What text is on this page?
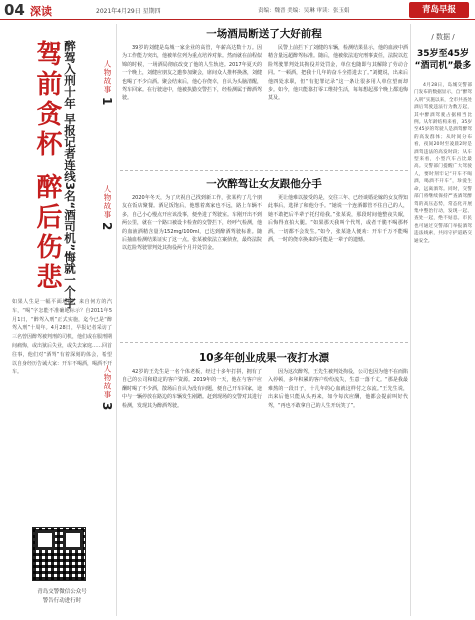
04 深读	2021年4月29日 星期四	责编：魏晋 美编：吴琳 审读：张玉娟	青岛早报
驾前贪杯 醉后伤悲 醉驾入刑十年 早报记者连线3名“酒司机”悔就一个字	人物故事 1
人物故事 2
人物故事 3
如果人生是一幅平面地图，来自何方的汽车，“喝”字怎能不准确地标示？自2011年5月1日，“醉驾入刑”正式实施，迄今已是“醉驾入刑”十周年。4月28日，早报记者采访了三名曾因醉驾被判刑的司机，他们或在服刑期间痛悔，或出狱后失业，或失去家庭……回首往事，他们对“酒驾”有着深刻的体会，希望以自身经历告诫大家：开车不喝酒，喝酒不开车。
青岛交警微信公众号
警告行动进行时
一场酒局断送了大好前程
39岁的刘健是岛城一家企业的高管，年薪高达数十万。因为工作能力突出，他被单位列为重点培养对象。然而就在前程似锦的时候，一场酒局彻底改变了他的人生轨迹。2017年夏天的一个晚上，刘健应朋友之邀参加聚会，席间众人推杯换盏，刘健也喝了不少白酒。聚会结束后，他心存侥幸，自认为头脑清醒，驾车回家。在行驶途中，他被执勤交警拦下，经检测属于醉酒驾驶。
民警上前拦下了刘健的车辆，检测结果显示，他的血液中酒精含量远超醉驾标准。随后，他被依法追究刑事责任，法院以危险驾驶罪判处其拘役并处罚金，单位也随即与其解除了劳动合同。“一顿酒，把我十几年的奋斗全搭进去了。”刘健说，出来后他四处求职，但“有犯罪记录”这一条让很多用人单位望而却步。如今，他只能靠打零工维持生活，每每想起那个晚上都追悔莫及。
一次醉驾让女友跟他分手
2020年冬天，为了庆祝自己找到新工作，张某约了几个朋友在饭店聚餐。酒足饭饱后，他想着离家也不远，路上车辆不多，自己小心慢点开应该没事，便坐进了驾驶室。车刚开出不到两公里，就在一个路口被设卡检查的交警拦下，经呼气检测，他的血液酒精含量为152mg/100ml，已达到醉酒驾驶标准。随后抽血检测结果证实了这一点。张某被依法立案侦查，最终法院以危险驾驶罪判处其拘役两个月并处罚金。
更让他难以接受的是，交往三年、已经谈婚论嫁的女友得知此事后，选择了和他分手。“她说一个连酒都管不住自己的人，她不敢把后半辈子托付给我。”张某说，那段时间他整夜失眠，后悔得直拍大腿。“如果那天我叫个代驾，或者干脆不喝那杯酒，一切都不会发生。”如今，张某逢人便劝：开车千万不能喝酒，一时的侥幸换来的可能是一辈子的遗憾。
10多年创业成果一夜打水漂
42岁的王先生是一名个体老板，经过十多年打拼，拥有了自己的公司和稳定的客户资源。2019年的一天，他在与客户应酬时喝了不少酒，散场后自认为没有问题，便自己开车回家，途中与一辆停放在路边的车辆发生剐蹭。赶到现场的交警对其进行检测，发现其为醉酒驾驶。
因为这次醉驾，王先生被判处拘役，公司也因为他不在而陷入停顿，多年积累的客户纷纷流失，生意一落千丈。“那是我最难熬的一段日子，十几年的心血就这样付之东流。”王先生说，出来后他只能从头再来，如今每次应酬，他都会提前叫好代驾，“再也不敢拿自己的人生开玩笑了”。
/ 数据 /
35岁至45岁
“酒司机”最多
4月28日，岛城交警部门发布的数据显示，自“醉驾入刑”实施以来，全市共查处酒后驾驶违法行为数万起，其中醉酒驾驶占据相当比例。从年龄结构来看，35岁至45岁的驾驶人是酒驾醉驾的高发群体；从时间分布看，夜间20时至凌晨2时是酒驾违法的高发时段；从车型来看，小型汽车占比最高。交警部门提醒广大驾驶人，要时刻牢记“开车不喝酒，喝酒不开车”，珍爱生命，远离酒驾。同时，交警部门将继续保持严查酒驾醉驾的高压态势，常态化开展集中整治行动，发现一起、查处一起，绝不姑息。市民也可通过交警部门举报酒驾违法线索，共同守护道路交通安全。
